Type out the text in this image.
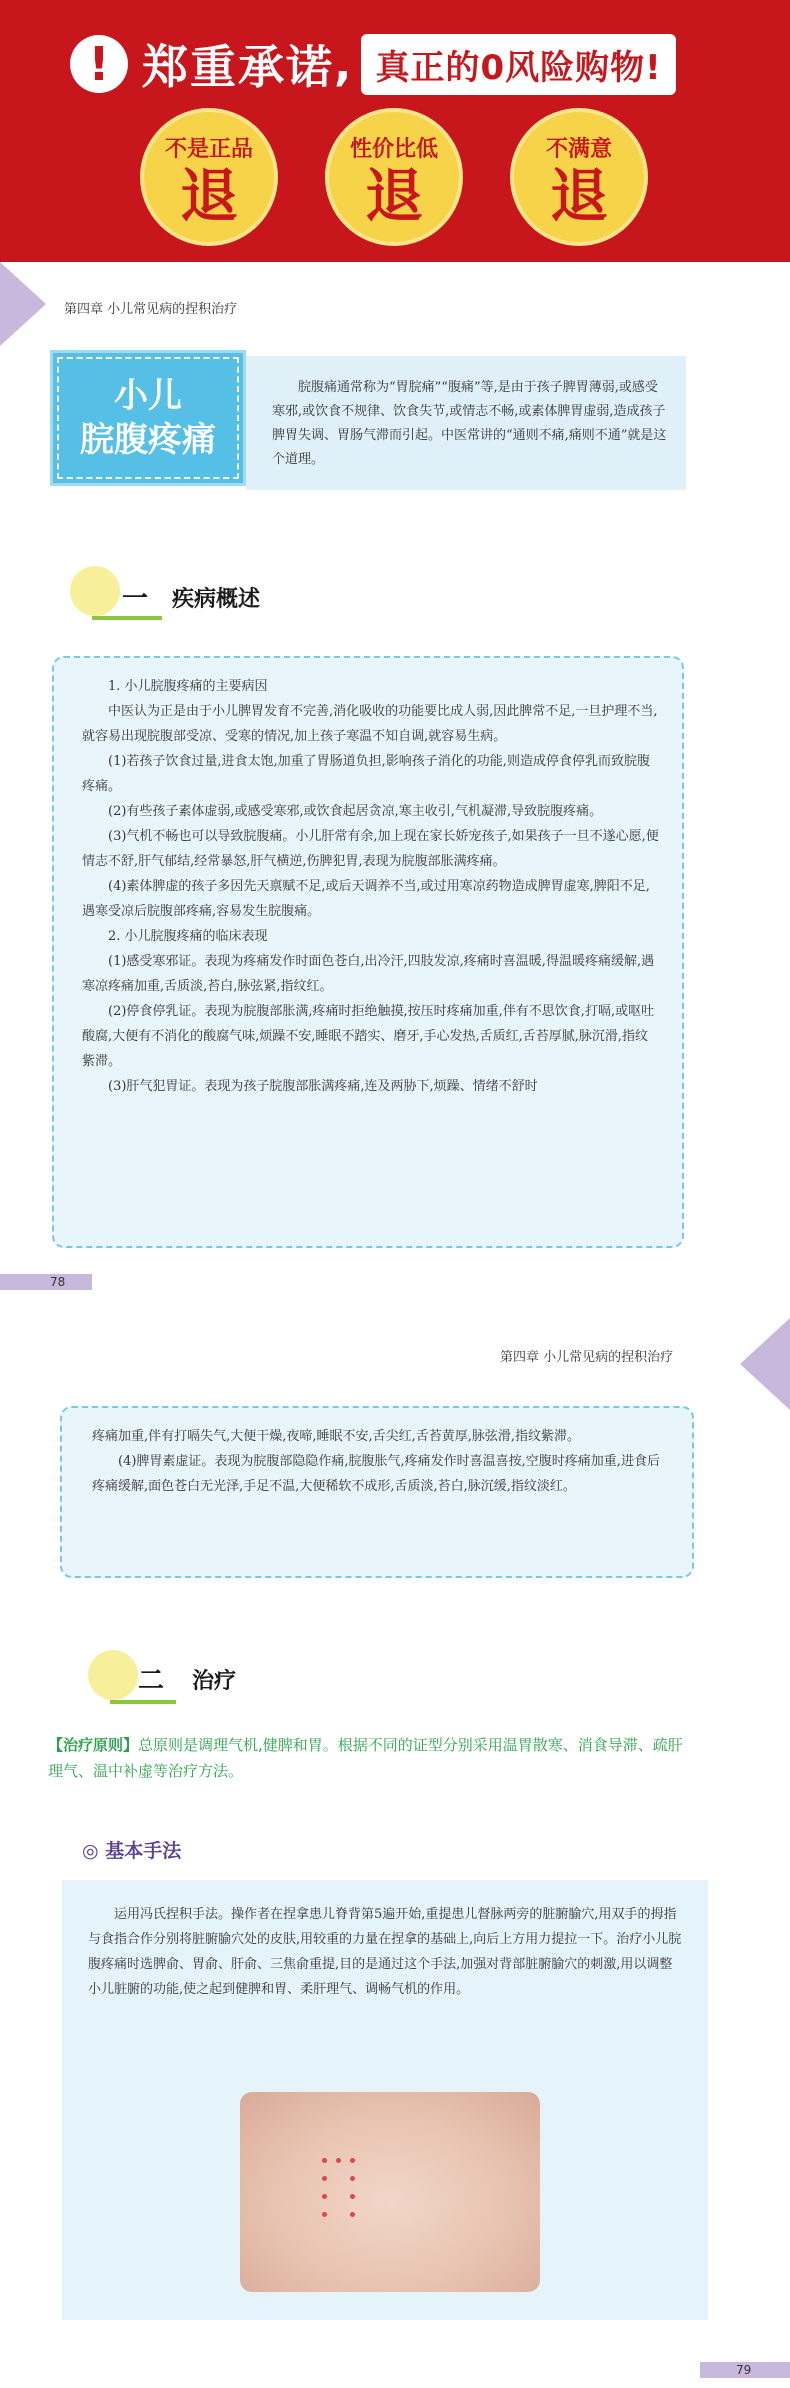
! 郑重承诺 , 真正的0风险购物!
不是正品
退
性价比低
退
不满意
退
第四章 小儿常见病的捏积治疗
小儿
脘腹疼痛
脘腹痛通常称为“胃脘痛”“腹痛”等,是由于孩子脾胃薄弱,或感受寒邪,或饮食不规律、饮食失节,或情志不畅,或素体脾胃虚弱,造成孩子脾胃失调、胃肠气滞而引起。中医常讲的“通则不痛,痛则不通”就是这个道理。
一 疾病概述

1. 小儿脘腹疼痛的主要病因

中医认为正是由于小儿脾胃发育不完善,消化吸收的功能要比成人弱,因此脾常不足,一旦护理不当,就容易出现脘腹部受凉、受寒的情况,加上孩子寒温不知自调,就容易生病。

(1)若孩子饮食过量,进食太饱,加重了胃肠道负担,影响孩子消化的功能,则造成停食停乳而致脘腹疼痛。

(2)有些孩子素体虚弱,或感受寒邪,或饮食起居贪凉,寒主收引,气机凝滞,导致脘腹疼痛。

(3)气机不畅也可以导致脘腹痛。小儿肝常有余,加上现在家长娇宠孩子,如果孩子一旦不遂心愿,便情志不舒,肝气郁结,经常暴怒,肝气横逆,伤脾犯胃,表现为脘腹部胀满疼痛。

(4)素体脾虚的孩子多因先天禀赋不足,或后天调养不当,或过用寒凉药物造成脾胃虚寒,脾阳不足,遇寒受凉后脘腹部疼痛,容易发生脘腹痛。

2. 小儿脘腹疼痛的临床表现

(1)感受寒邪证。表现为疼痛发作时面色苍白,出冷汗,四肢发凉,疼痛时喜温暖,得温暖疼痛缓解,遇寒凉疼痛加重,舌质淡,苔白,脉弦紧,指纹红。

(2)停食停乳证。表现为脘腹部胀满,疼痛时拒绝触摸,按压时疼痛加重,伴有不思饮食,打嗝,或呕吐酸腐,大便有不消化的酸腐气味,烦躁不安,睡眠不踏实、磨牙,手心发热,舌质红,舌苔厚腻,脉沉滑,指纹紫滞。

(3)肝气犯胃证。表现为孩子脘腹部胀满疼痛,连及两胁下,烦躁、情绪不舒时

78
第四章 小儿常见病的捏积治疗

疼痛加重,伴有打嗝失气,大便干燥,夜啼,睡眠不安,舌尖红,舌苔黄厚,脉弦滑,指纹紫滞。

(4)脾胃素虚证。表现为脘腹部隐隐作痛,脘腹胀气,疼痛发作时喜温喜按,空腹时疼痛加重,进食后疼痛缓解,面色苍白无光泽,手足不温,大便稀软不成形,舌质淡,苔白,脉沉缓,指纹淡红。

二 治疗
【治疗原则】总原则是调理气机,健脾和胃。根据不同的证型分别采用温胃散寒、消食导滞、疏肝理气、温中补虚等治疗方法。
◎ 基本手法
运用冯氏捏积手法。操作者在捏拿患儿脊背第5遍开始,重提患儿督脉两旁的脏腑腧穴,用双手的拇指与食指合作分别将脏腑腧穴处的皮肤,用较重的力量在捏拿的基础上,向后上方用力提拉一下。治疗小儿脘腹疼痛时选脾俞、胃俞、肝俞、三焦俞重提,目的是通过这个手法,加强对背部脏腑腧穴的刺激,用以调整小儿脏腑的功能,使之起到健脾和胃、柔肝理气、调畅气机的作用。
79
